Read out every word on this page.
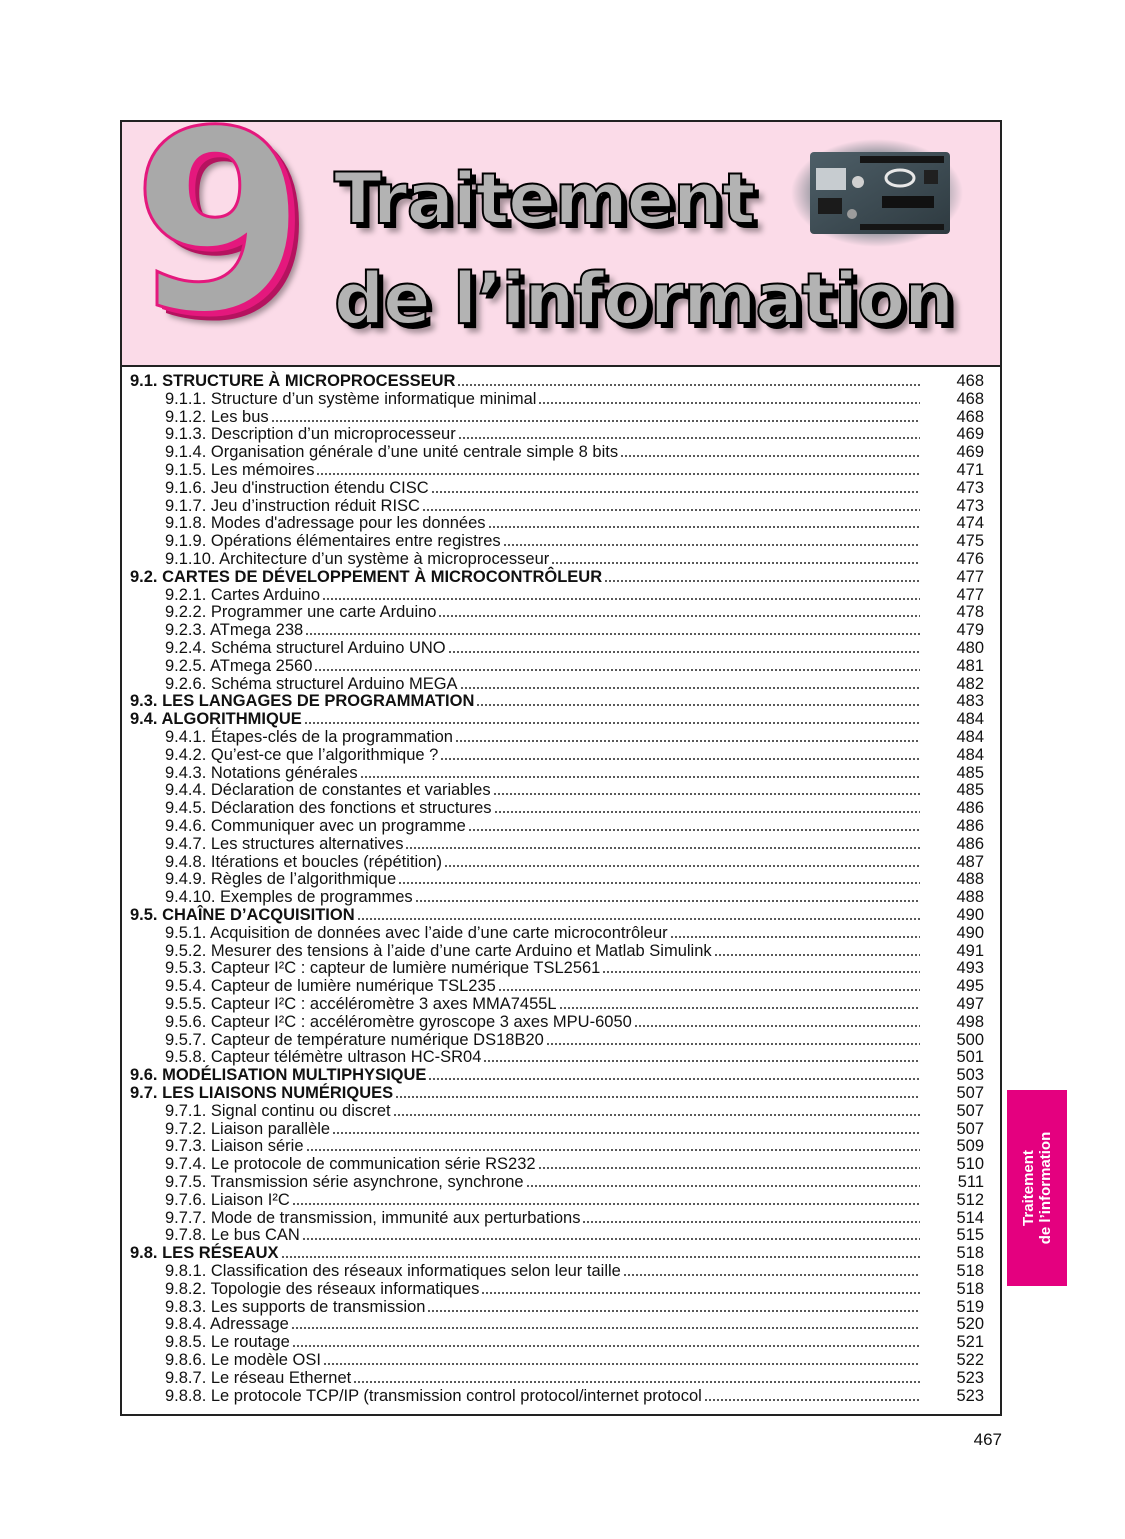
9 Traitement
de l’information
9.1. STRUCTURE À MICROPROCESSEUR	468
9.1.1. Structure d’un système informatique minimal	468
9.1.2. Les bus	468
9.1.3. Description d’un microprocesseur	469
9.1.4. Organisation générale d’une unité centrale simple 8 bits	469
9.1.5. Les mémoires	471
9.1.6. Jeu d'instruction étendu CISC	473
9.1.7. Jeu d’instruction réduit RISC	473
9.1.8. Modes d'adressage pour les données	474
9.1.9. Opérations élémentaires entre registres	475
9.1.10. Architecture d’un système à microprocesseur	476
9.2. CARTES DE DÉVELOPPEMENT À MICROCONTRÔLEUR	477
9.2.1. Cartes Arduino	477
9.2.2. Programmer une carte Arduino	478
9.2.3. ATmega 238	479
9.2.4. Schéma structurel Arduino UNO	480
9.2.5. ATmega 2560	481
9.2.6. Schéma structurel Arduino MEGA	482
9.3. LES LANGAGES DE PROGRAMMATION	483
9.4. ALGORITHMIQUE	484
9.4.1. Étapes-clés de la programmation	484
9.4.2. Qu’est-ce que l’algorithmique ?	484
9.4.3. Notations générales	485
9.4.4. Déclaration de constantes et variables	485
9.4.5. Déclaration des fonctions et structures	486
9.4.6. Communiquer avec un programme	486
9.4.7. Les structures alternatives	486
9.4.8. Itérations et boucles (répétition)	487
9.4.9. Règles de l’algorithmique	488
9.4.10. Exemples de programmes	488
9.5. CHAÎNE D’ACQUISITION	490
9.5.1. Acquisition de données avec l’aide d’une carte microcontrôleur	490
9.5.2. Mesurer des tensions à l’aide d’une carte Arduino et Matlab Simulink	491
9.5.3. Capteur I²C : capteur de lumière numérique TSL2561	493
9.5.4. Capteur de lumière numérique TSL235	495
9.5.5. Capteur I²C : accéléromètre 3 axes MMA7455L	497
9.5.6. Capteur I²C : accéléromètre gyroscope 3 axes MPU-6050	498
9.5.7. Capteur de température numérique DS18B20	500
9.5.8. Capteur télémètre ultrason HC-SR04	501
9.6. MODÉLISATION MULTIPHYSIQUE	503
9.7. LES LIAISONS NUMÉRIQUES	507
9.7.1. Signal continu ou discret	507
9.7.2. Liaison parallèle	507
9.7.3. Liaison série	509
9.7.4. Le protocole de communication série RS232	510
9.7.5. Transmission série asynchrone, synchrone	511
9.7.6. Liaison I²C	512
9.7.7. Mode de transmission, immunité aux perturbations	514
9.7.8. Le bus CAN	515
9.8. LES RÉSEAUX	518
9.8.1. Classification des réseaux informatiques selon leur taille	518
9.8.2. Topologie des réseaux informatiques	518
9.8.3. Les supports de transmission	519
9.8.4. Adressage	520
9.8.5. Le routage	521
9.8.6. Le modèle OSI	522
9.8.7. Le réseau Ethernet	523
9.8.8. Le protocole TCP/IP (transmission control protocol/internet protocol	523
Traitement de l’information
467
